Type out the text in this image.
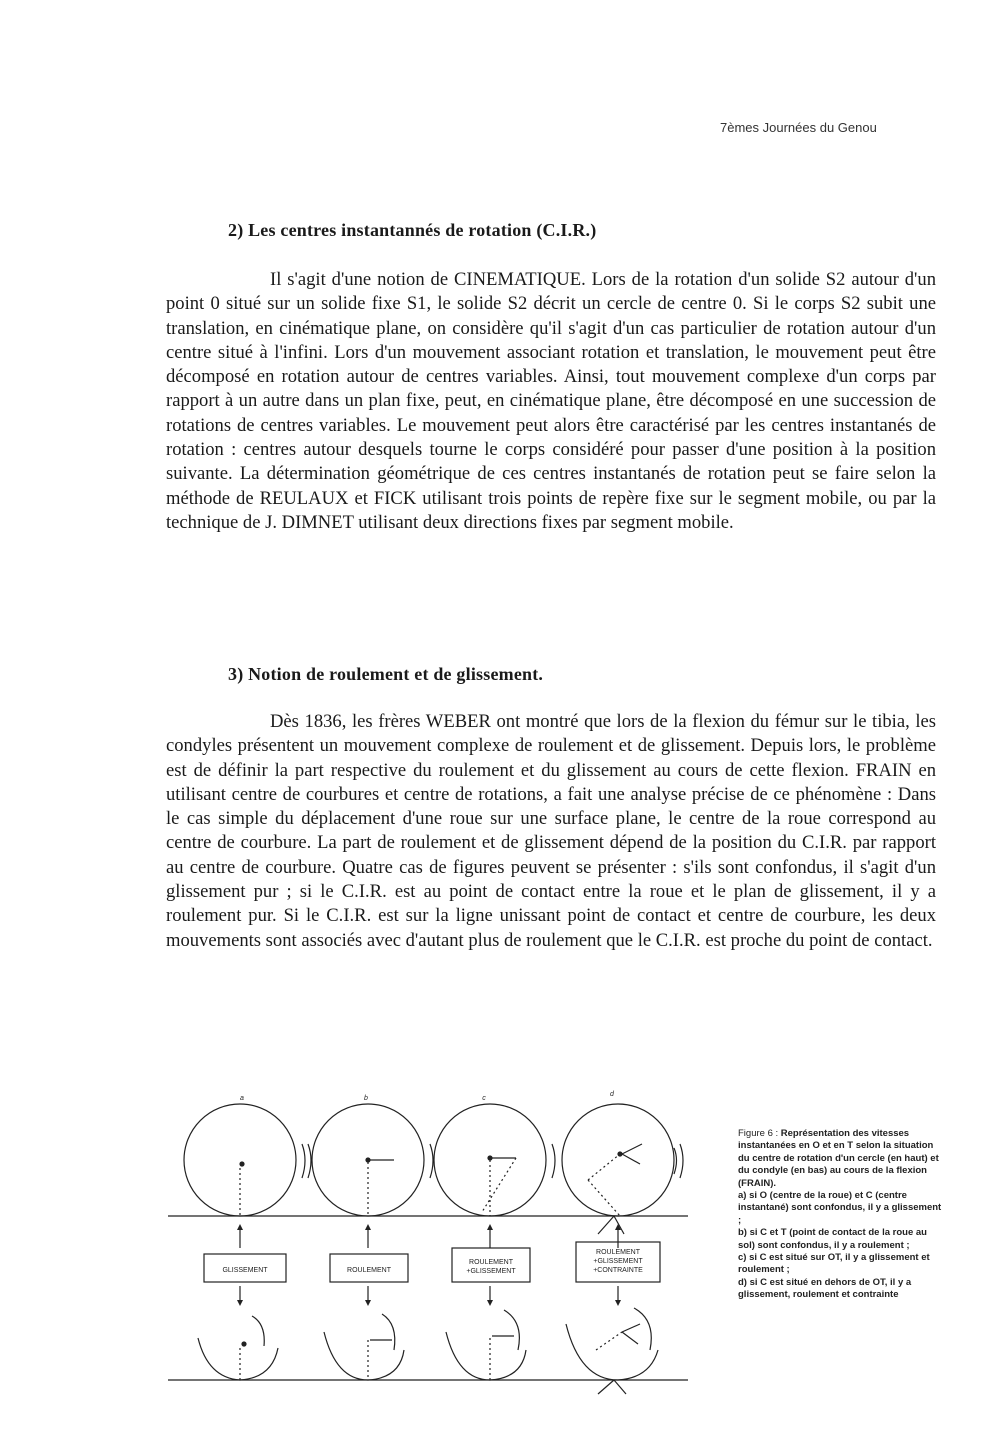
7èmes Journées du Genou
2) Les centres instantannés de rotation (C.I.R.)

Il s'agit d'une notion de CINEMATIQUE. Lors de la rotation d'un solide S2 autour d'un point 0 situé sur un solide fixe S1, le solide S2 décrit un cercle de centre 0. Si le corps S2 subit une translation, en cinématique plane, on considère qu'il s'agit d'un cas particulier de rotation autour d'un centre situé à l'infini. Lors d'un mouvement associant rotation et translation, le mouvement peut être décomposé en rotation autour de centres variables. Ainsi, tout mouvement complexe d'un corps par rapport à un autre dans un plan fixe, peut, en cinématique plane, être décomposé en une succession de rotations de centres variables. Le mouvement peut alors être caractérisé par les centres instantanés de rotation : centres autour desquels tourne le corps considéré pour passer d'une position à la position suivante. La détermination géométrique de ces centres instantanés de rotation peut se faire selon la méthode de REULAUX et FICK utilisant trois points de repère fixe sur le segment mobile, ou par la technique de J. DIMNET utilisant deux directions fixes par segment mobile.

3) Notion de roulement et de glissement.

Dès 1836, les frères WEBER ont montré que lors de la flexion du fémur sur le tibia, les condyles présentent un mouvement complexe de roulement et de glissement. Depuis lors, le problème est de définir la part respective du roulement et du glissement au cours de cette flexion. FRAIN en utilisant centre de courbures et centre de rotations, a fait une analyse précise de ce phénomène : Dans le cas simple du déplacement d'une roue sur une surface plane, le centre de la roue correspond au centre de courbure. La part de roulement et de glissement dépend de la position du C.I.R. par rapport au centre de courbure. Quatre cas de figures peuvent se présenter : s'ils sont confondus, il s'agit d'un glissement pur ; si le C.I.R. est au point de contact entre la roue et le plan de glissement, il y a roulement pur. Si le C.I.R. est sur la ligne unissant point de contact et centre de courbure, les deux mouvements sont associés avec d'autant plus de roulement que le C.I.R. est proche du point de contact.

a	b	c
d
GLISSEMENT	ROULEMENT
ROULEMENT
+GLISSEMENT
ROULEMENT
+GLISSEMENT
+CONTRAINTE

Figure 6 : Représentation des vitesses instantanées en O et en T selon la situation du centre de rotation d'un cercle (en haut) et du condyle (en bas) au cours de la flexion (FRAIN).

a) si O (centre de la roue) et C (centre instantané) sont confondus, il y a glissement ;

b) si C et T (point de contact de la roue au sol) sont confondus, il y a roulement ;

c) si C est situé sur OT, il y a glissement et roulement ;

d) si C est situé en dehors de OT, il y a glissement, roulement et contrainte
